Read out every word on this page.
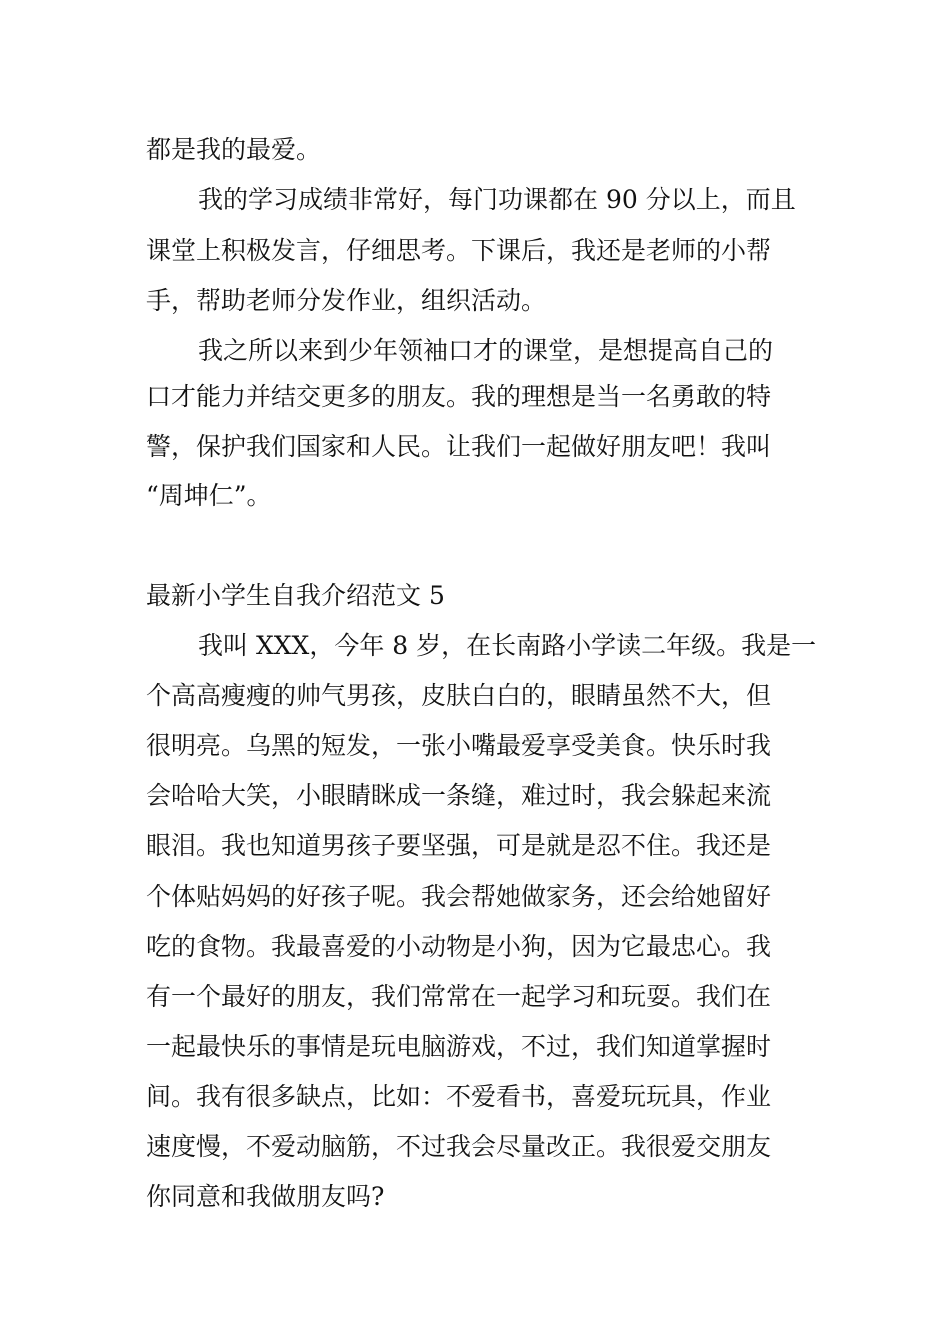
都是我的最爱。

我的学习成绩非常好，每门功课都在 90 分以上，而且

课堂上积极发言，仔细思考。下课后，我还是老师的小帮

手，帮助老师分发作业，组织活动。

我之所以来到少年领袖口才的课堂，是想提高自己的

口才能力并结交更多的朋友。我的理想是当一名勇敢的特

警，保护我们国家和人民。让我们一起做好朋友吧！我叫

“周坤仁”。

最新小学生自我介绍范文 5

我叫 XXX，今年 8 岁，在长南路小学读二年级。我是一

个高高瘦瘦的帅气男孩，皮肤白白的，眼睛虽然不大，但

很明亮。乌黑的短发，一张小嘴最爱享受美食。快乐时我

会哈哈大笑，小眼睛眯成一条缝，难过时，我会躲起来流

眼泪。我也知道男孩子要坚强，可是就是忍不住。我还是

个体贴妈妈的好孩子呢。我会帮她做家务，还会给她留好

吃的食物。我最喜爱的小动物是小狗，因为它最忠心。我

有一个最好的朋友，我们常常在一起学习和玩耍。我们在

一起最快乐的事情是玩电脑游戏，不过，我们知道掌握时

间。我有很多缺点，比如：不爱看书，喜爱玩玩具，作业

速度慢，不爱动脑筋，不过我会尽量改正。我很爱交朋友

你同意和我做朋友吗?
